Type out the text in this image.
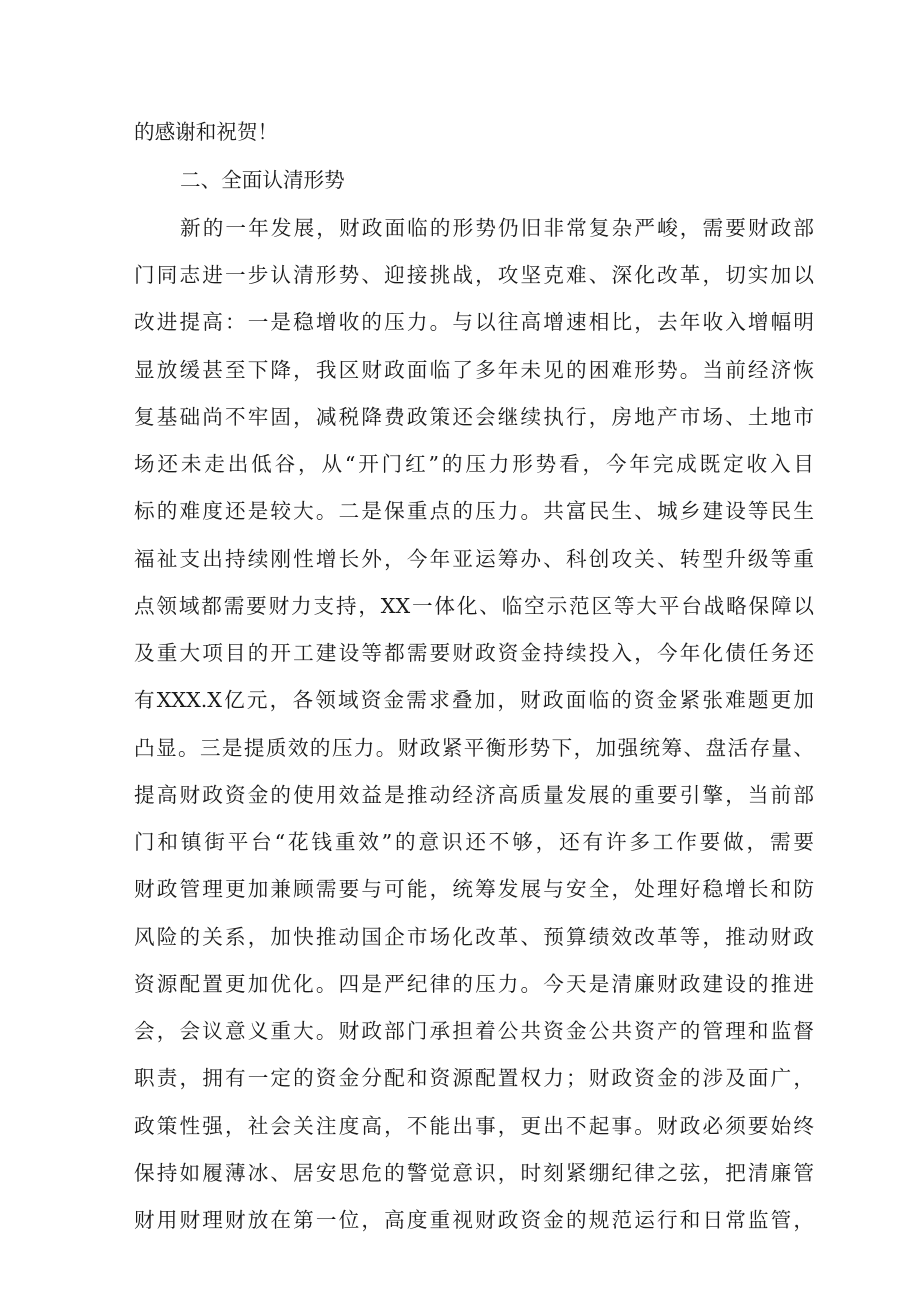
的感谢和祝贺！

二、全面认清形势

新的一年发展，财政面临的形势仍旧非常复杂严峻，需要财政部

门同志进一步认清形势、迎接挑战，攻坚克难、深化改革，切实加以

改进提高：一是稳增收的压力。与以往高增速相比，去年收入增幅明

显放缓甚至下降，我区财政面临了多年未见的困难形势。当前经济恢

复基础尚不牢固，减税降费政策还会继续执行，房地产市场、土地市

场还未走出低谷，从“开门红”的压力形势看，今年完成既定收入目

标的难度还是较大。二是保重点的压力。共富民生、城乡建设等民生

福祉支出持续刚性增长外，今年亚运筹办、科创攻关、转型升级等重

点领域都需要财力支持，XX一体化、临空示范区等大平台战略保障以

及重大项目的开工建设等都需要财政资金持续投入，今年化债任务还

有XXX.X亿元，各领域资金需求叠加，财政面临的资金紧张难题更加

凸显。三是提质效的压力。财政紧平衡形势下，加强统筹、盘活存量、

提高财政资金的使用效益是推动经济高质量发展的重要引擎，当前部

门和镇街平台“花钱重效”的意识还不够，还有许多工作要做，需要

财政管理更加兼顾需要与可能，统筹发展与安全，处理好稳增长和防

风险的关系，加快推动国企市场化改革、预算绩效改革等，推动财政

资源配置更加优化。四是严纪律的压力。今天是清廉财政建设的推进

会，会议意义重大。财政部门承担着公共资金公共资产的管理和监督

职责，拥有一定的资金分配和资源配置权力；财政资金的涉及面广，

政策性强，社会关注度高，不能出事，更出不起事。财政必须要始终

保持如履薄冰、居安思危的警觉意识，时刻紧绷纪律之弦，把清廉管

财用财理财放在第一位，高度重视财政资金的规范运行和日常监管，
